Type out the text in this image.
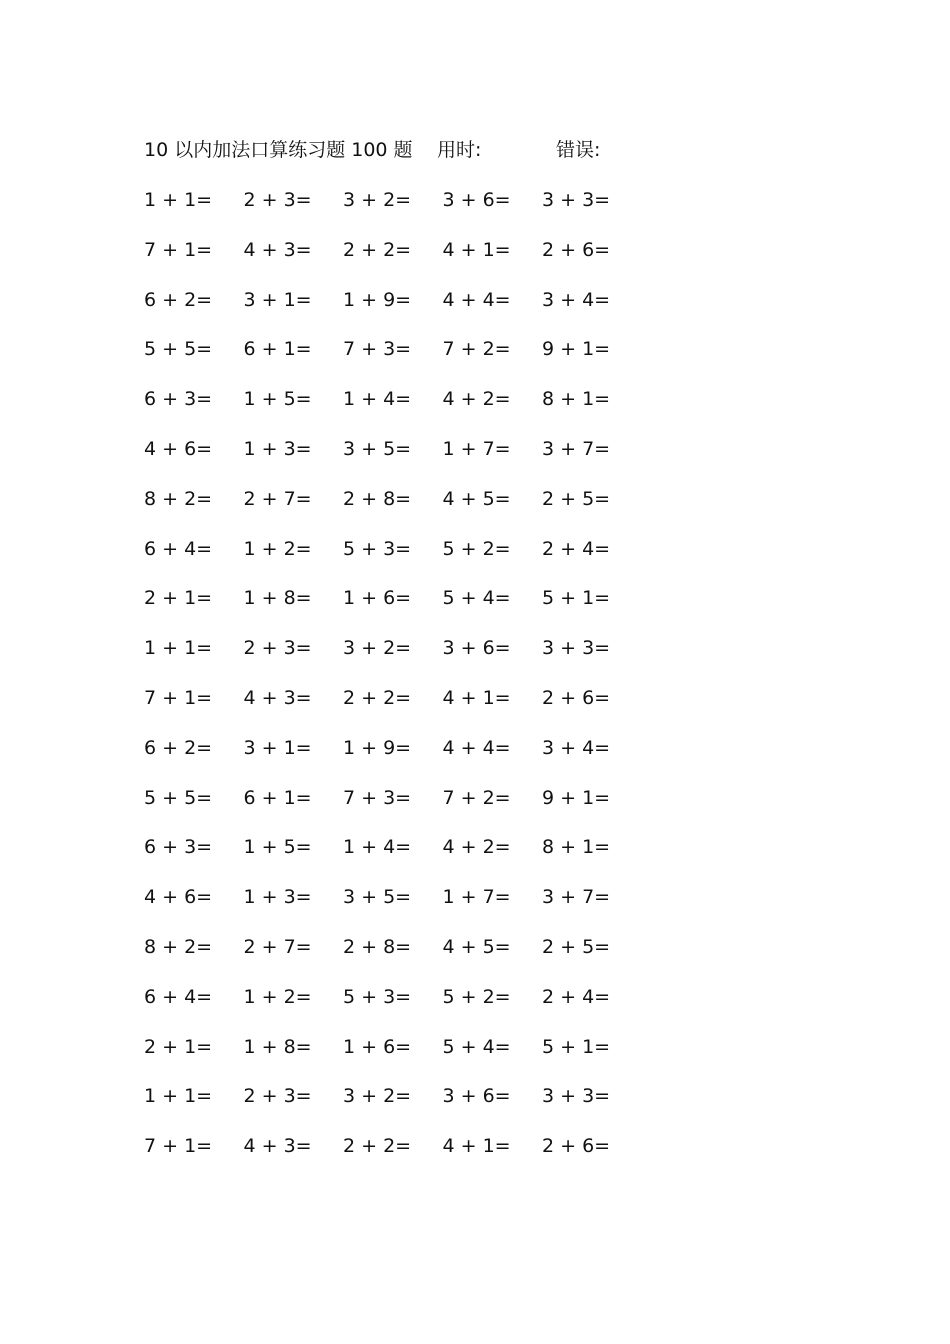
10 以内加法口算练习题 100 题 用时:	错误:
1 + 1=	2 + 3=	3 + 2=	3 + 6=	3 + 3=
7 + 1=	4 + 3=	2 + 2=	4 + 1=	2 + 6=
6 + 2=	3 + 1=	1 + 9=	4 + 4=	3 + 4=
5 + 5=	6 + 1=	7 + 3=	7 + 2=	9 + 1=
6 + 3=	1 + 5=	1 + 4=	4 + 2=	8 + 1=
4 + 6=	1 + 3=	3 + 5=	1 + 7=	3 + 7=
8 + 2=	2 + 7=	2 + 8=	4 + 5=	2 + 5=
6 + 4=	1 + 2=	5 + 3=	5 + 2=	2 + 4=
2 + 1=	1 + 8=	1 + 6=	5 + 4=	5 + 1=
1 + 1=	2 + 3=	3 + 2=	3 + 6=	3 + 3=
7 + 1=	4 + 3=	2 + 2=	4 + 1=	2 + 6=
6 + 2=	3 + 1=	1 + 9=	4 + 4=	3 + 4=
5 + 5=	6 + 1=	7 + 3=	7 + 2=	9 + 1=
6 + 3=	1 + 5=	1 + 4=	4 + 2=	8 + 1=
4 + 6=	1 + 3=	3 + 5=	1 + 7=	3 + 7=
8 + 2=	2 + 7=	2 + 8=	4 + 5=	2 + 5=
6 + 4=	1 + 2=	5 + 3=	5 + 2=	2 + 4=
2 + 1=	1 + 8=	1 + 6=	5 + 4=	5 + 1=
1 + 1=	2 + 3=	3 + 2=	3 + 6=	3 + 3=
7 + 1=	4 + 3=	2 + 2=	4 + 1=	2 + 6=
